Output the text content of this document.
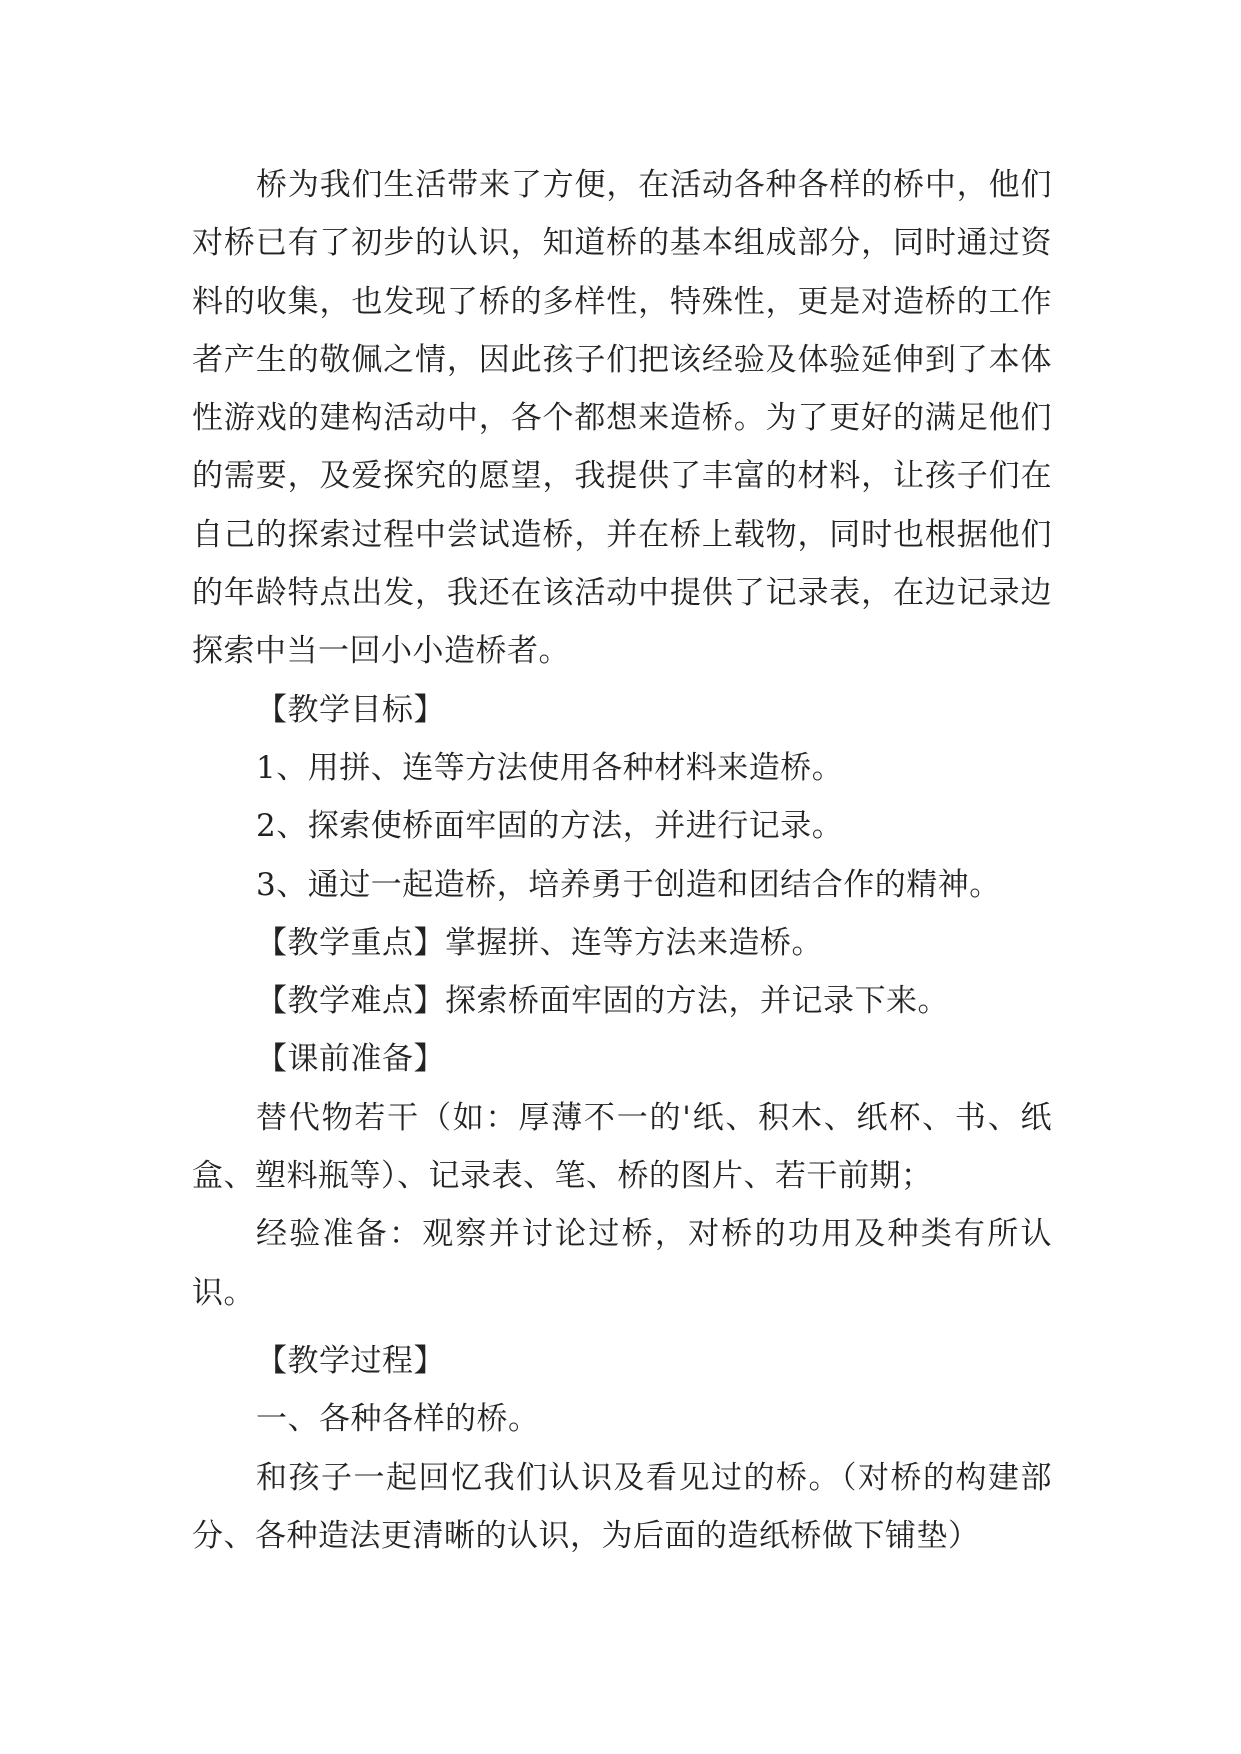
桥为我们生活带来了方便，在活动各种各样的桥中，他们对桥已有了初步的认识，知道桥的基本组成部分，同时通过资料的收集，也发现了桥的多样性，特殊性，更是对造桥的工作者产生的敬佩之情，因此孩子们把该经验及体验延伸到了本体性游戏的建构活动中，各个都想来造桥。为了更好的满足他们的需要，及爱探究的愿望，我提供了丰富的材料，让孩子们在自己的探索过程中尝试造桥，并在桥上载物，同时也根据他们的年龄特点出发，我还在该活动中提供了记录表，在边记录边探索中当一回小小造桥者。

【教学目标】

1、用拼、连等方法使用各种材料来造桥。

2、探索使桥面牢固的方法，并进行记录。

3、通过一起造桥，培养勇于创造和团结合作的精神。

【教学重点】掌握拼、连等方法来造桥。

【教学难点】探索桥面牢固的方法，并记录下来。

【课前准备】

替代物若干（如：厚薄不一的'纸、积木、纸杯、书、纸盒、塑料瓶等）、记录表、笔、桥的图片、若干前期；

经验准备：观察并讨论过桥，对桥的功用及种类有所认识。

【教学过程】

一、各种各样的桥。

和孩子一起回忆我们认识及看见过的桥。（对桥的构建部分、各种造法更清晰的认识，为后面的造纸桥做下铺垫）
